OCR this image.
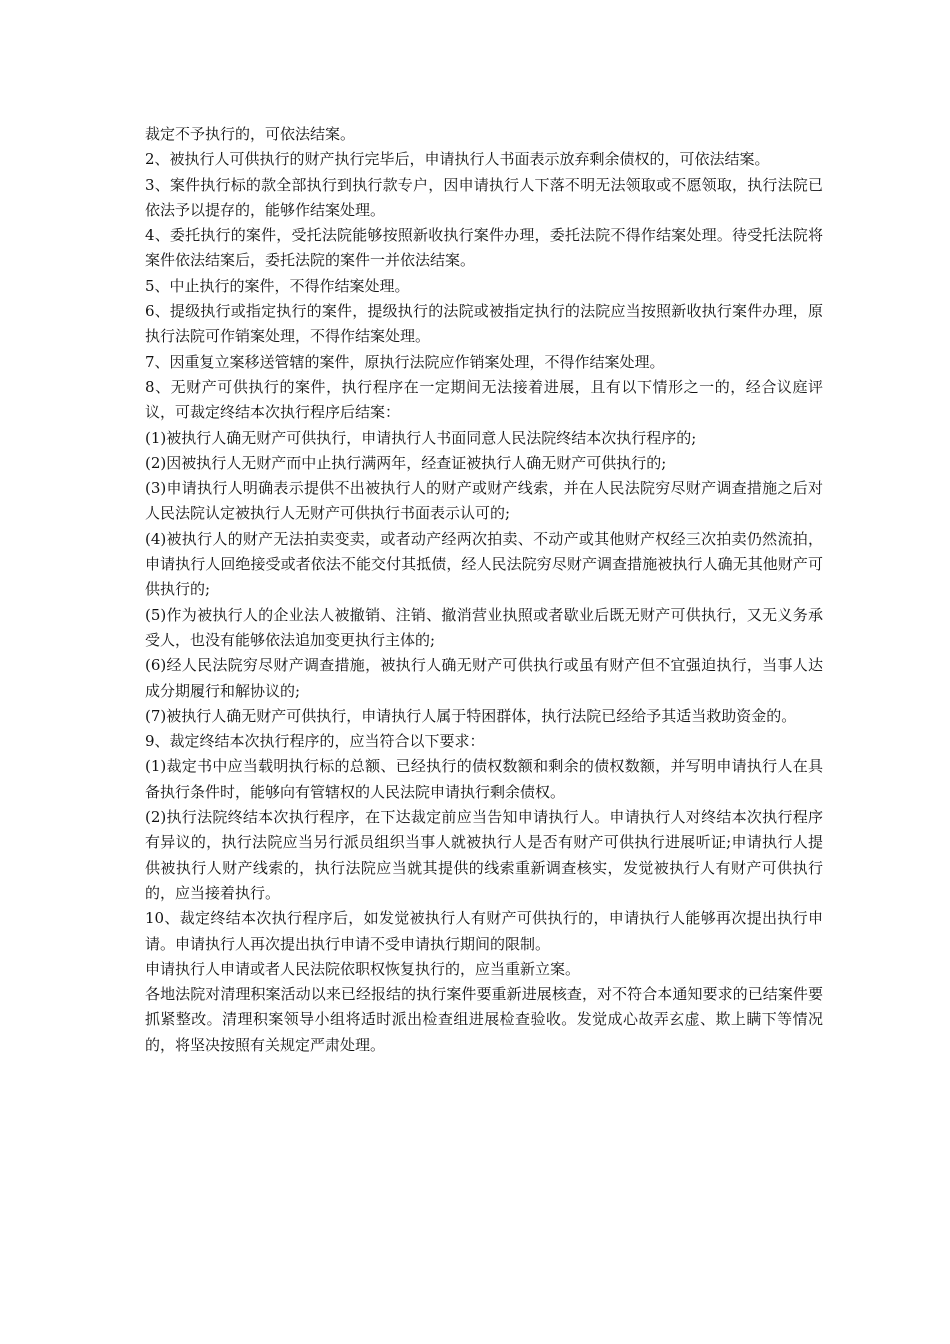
裁定不予执行的，可依法结案。

2、被执行人可供执行的财产执行完毕后，申请执行人书面表示放弃剩余债权的，可依法结案。

3、案件执行标的款全部执行到执行款专户，因申请执行人下落不明无法领取或不愿领取，执行法院已依法予以提存的，能够作结案处理。

4、委托执行的案件，受托法院能够按照新收执行案件办理，委托法院不得作结案处理。待受托法院将案件依法结案后，委托法院的案件一并依法结案。

5、中止执行的案件，不得作结案处理。

6、提级执行或指定执行的案件，提级执行的法院或被指定执行的法院应当按照新收执行案件办理，原执行法院可作销案处理，不得作结案处理。

7、因重复立案移送管辖的案件，原执行法院应作销案处理，不得作结案处理。

8、无财产可供执行的案件，执行程序在一定期间无法接着进展，且有以下情形之一的，经合议庭评议，可裁定终结本次执行程序后结案：

(1)被执行人确无财产可供执行，申请执行人书面同意人民法院终结本次执行程序的;

(2)因被执行人无财产而中止执行满两年，经查证被执行人确无财产可供执行的;

(3)申请执行人明确表示提供不出被执行人的财产或财产线索，并在人民法院穷尽财产调查措施之后对人民法院认定被执行人无财产可供执行书面表示认可的;

(4)被执行人的财产无法拍卖变卖，或者动产经两次拍卖、不动产或其他财产权经三次拍卖仍然流拍，申请执行人回绝接受或者依法不能交付其抵债，经人民法院穷尽财产调查措施被执行人确无其他财产可供执行的;

(5)作为被执行人的企业法人被撤销、注销、撤消营业执照或者歇业后既无财产可供执行，又无义务承受人，也没有能够依法追加变更执行主体的;

(6)经人民法院穷尽财产调查措施，被执行人确无财产可供执行或虽有财产但不宜强迫执行，当事人达成分期履行和解协议的;

(7)被执行人确无财产可供执行，申请执行人属于特困群体，执行法院已经给予其适当救助资金的。

9、裁定终结本次执行程序的，应当符合以下要求：

(1)裁定书中应当载明执行标的总额、已经执行的债权数额和剩余的债权数额，并写明申请执行人在具备执行条件时，能够向有管辖权的人民法院申请执行剩余债权。

(2)执行法院终结本次执行程序，在下达裁定前应当告知申请执行人。申请执行人对终结本次执行程序有异议的，执行法院应当另行派员组织当事人就被执行人是否有财产可供执行进展听证;申请执行人提供被执行人财产线索的，执行法院应当就其提供的线索重新调查核实，发觉被执行人有财产可供执行的，应当接着执行。

10、裁定终结本次执行程序后，如发觉被执行人有财产可供执行的，申请执行人能够再次提出执行申请。申请执行人再次提出执行申请不受申请执行期间的限制。

申请执行人申请或者人民法院依职权恢复执行的，应当重新立案。

各地法院对清理积案活动以来已经报结的执行案件要重新进展核查，对不符合本通知要求的已结案件要抓紧整改。清理积案领导小组将适时派出检查组进展检查验收。发觉成心故弄玄虚、欺上瞒下等情况的，将坚决按照有关规定严肃处理。
